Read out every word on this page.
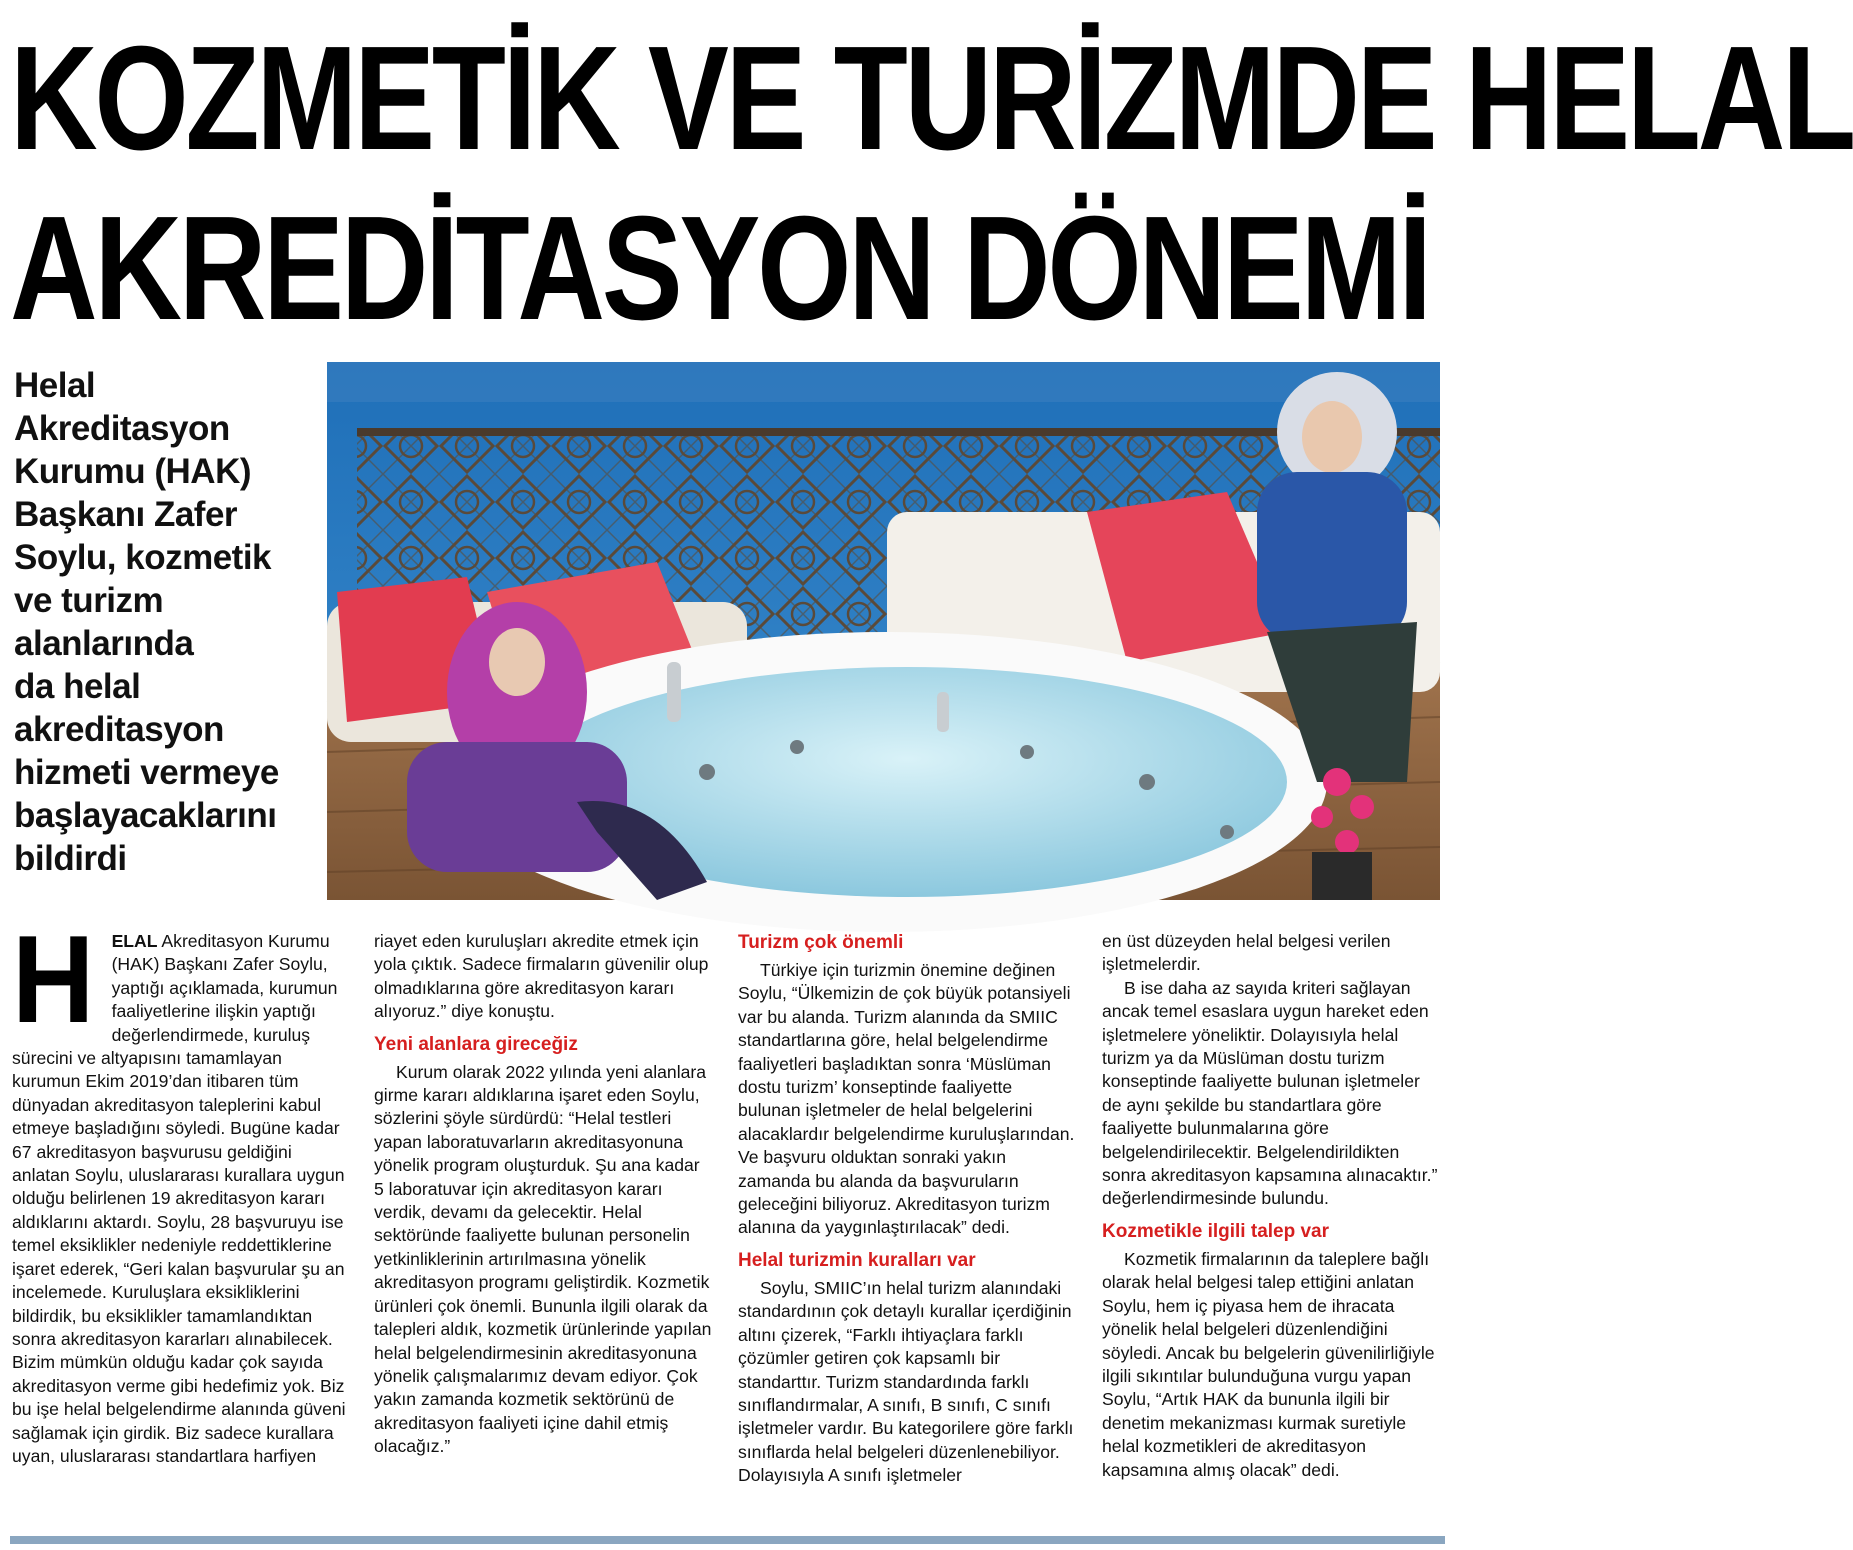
KOZMETİK VE TURİZMDE HELAL
AKREDİTASYON DÖNEMİ
Helal
Akreditasyon
Kurumu (HAK)
Başkanı Zafer
Soylu, kozmetik
ve turizm
alanlarında
da helal
akreditasyon
hizmeti vermeye
başlayacaklarını
bildirdi
H ELAL Akreditasyon Kurumu (HAK) Başkanı Zafer Soylu, yaptığı açıklamada, kurumun faaliyetlerine ilişkin yaptığı değerlendirmede, kuruluş sürecini ve altyapısını tamamlayan kurumun Ekim 2019’dan itibaren tüm dünyadan akreditasyon taleplerini kabul etmeye başladığını söyledi. Bugüne kadar 67 akreditasyon başvurusu geldiğini anlatan Soylu, uluslararası kurallara uygun olduğu belirlenen 19 akreditasyon kararı aldıklarını aktardı. Soylu, 28 başvuruyu ise temel eksiklikler nedeniyle reddettiklerine işaret ederek, “Geri kalan başvurular şu an incelemede. Kuruluşlara eksikliklerini bildirdik, bu eksiklikler tamamlandıktan sonra akreditasyon kararları alınabilecek. Bizim mümkün olduğu kadar çok sayıda akreditasyon verme gibi hedefimiz yok. Biz bu işe helal belgelendirme alanında güveni sağlamak için girdik. Biz sadece kurallara uyan, uluslararası standartlara harfiyen

riayet eden kuruluşları akredite etmek için yola çıktık. Sadece firmaların güvenilir olup olmadıklarına göre akreditasyon kararı alıyoruz.” diye konuştu.

Yeni alanlara gireceğiz

Kurum olarak 2022 yılında yeni alanlara girme kararı aldıklarına işaret eden Soylu, sözlerini şöyle sürdürdü: “Helal testleri yapan laboratuvarların akreditasyonuna yönelik program oluşturduk. Şu ana kadar 5 laboratuvar için akreditasyon kararı verdik, devamı da gelecektir. Helal sektöründe faaliyette bulunan personelin yetkinliklerinin artırılmasına yönelik akreditasyon programı geliştirdik. Kozmetik ürünleri çok önemli. Bununla ilgili olarak da talepleri aldık, kozmetik ürünlerinde yapılan helal belgelendirmesinin akreditasyonuna yönelik çalışmalarımız devam ediyor. Çok yakın zamanda kozmetik sektörünü de akreditasyon faaliyeti içine dahil etmiş olacağız.”

Turizm çok önemli

Türkiye için turizmin önemine değinen Soylu, “Ülkemizin de çok büyük potansiyeli var bu alanda. Turizm alanında da SMIIC standartlarına göre, helal belgelendirme faaliyetleri başladıktan sonra ‘Müslüman dostu turizm’ konseptinde faaliyette bulunan işletmeler de helal belgelerini alacaklardır belgelendirme kuruluşlarından. Ve başvuru olduktan sonraki yakın zamanda bu alanda da başvuruların geleceğini biliyoruz. Akreditasyon turizm alanına da yaygınlaştırılacak” dedi.

Helal turizmin kuralları var

Soylu, SMIIC’ın helal turizm alanındaki standardının çok detaylı kurallar içerdiğinin altını çizerek, “Farklı ihtiyaçlara farklı çözümler getiren çok kapsamlı bir standarttır. Turizm standardında farklı sınıflandırmalar, A sınıfı, B sınıfı, C sınıfı işletmeler vardır. Bu kategorilere göre farklı sınıflarda helal belgeleri düzenlenebiliyor. Dolayısıyla A sınıfı işletmeler

en üst düzeyden helal belgesi verilen işletmelerdir.

B ise daha az sayıda kriteri sağlayan ancak temel esaslara uygun hareket eden işletmelere yöneliktir. Dolayısıyla helal turizm ya da Müslüman dostu turizm konseptinde faaliyette bulunan işletmeler de aynı şekilde bu standartlara göre faaliyette bulunmalarına göre belgelendirilecektir. Belgelendirildikten sonra akreditasyon kapsamına alınacaktır.” değerlendirmesinde bulundu.

Kozmetikle ilgili talep var

Kozmetik firmalarının da taleplere bağlı olarak helal belgesi talep ettiğini anlatan Soylu, hem iç piyasa hem de ihracata yönelik helal belgeleri düzenlendiğini söyledi. Ancak bu belgelerin güvenilirliğiyle ilgili sıkıntılar bulunduğuna vurgu yapan Soylu, “Artık HAK da bununla ilgili bir denetim mekanizması kurmak suretiyle helal kozmetikleri de akreditasyon kapsamına almış olacak” dedi.
